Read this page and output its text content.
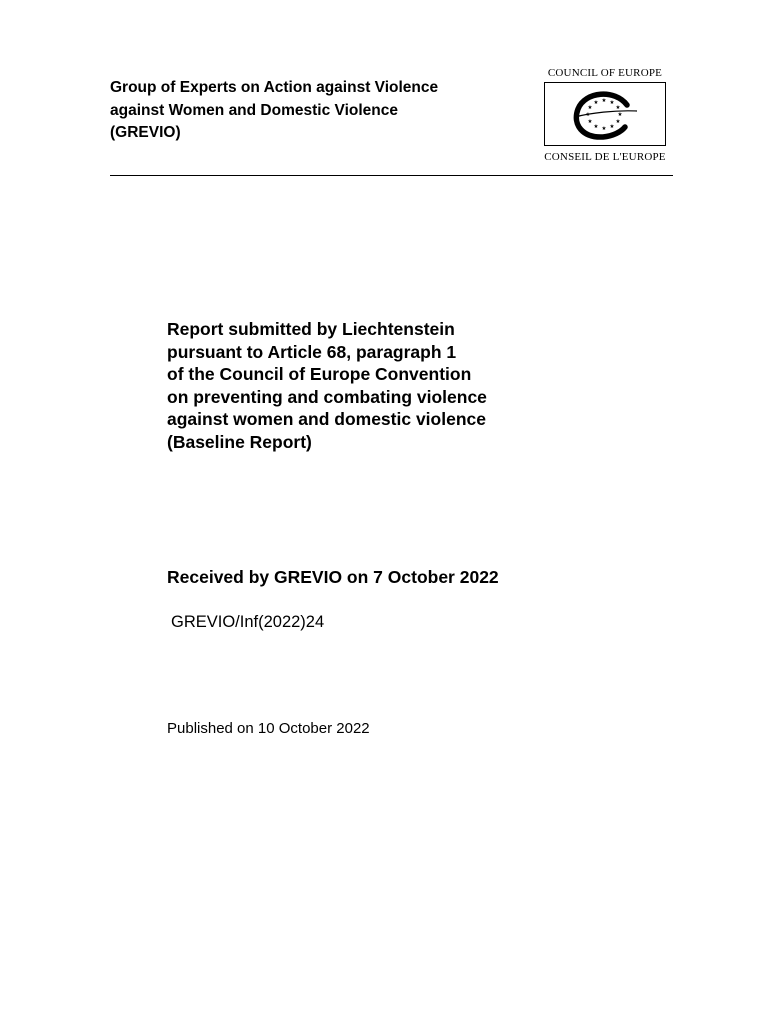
Group of Experts on Action against Violence
against Women and Domestic Violence
(GREVIO)
COUNCIL OF EUROPE
★ ★
★
★
★
★
★
★
★
★
★
★
CONSEIL DE L'EUROPE
Report submitted by Liechtenstein
pursuant to Article 68, paragraph 1
of the Council of Europe Convention
on preventing and combating violence
against women and domestic violence
(Baseline Report)
Received by GREVIO on 7 October 2022
GREVIO/Inf(2022)24
Published on 10 October 2022
